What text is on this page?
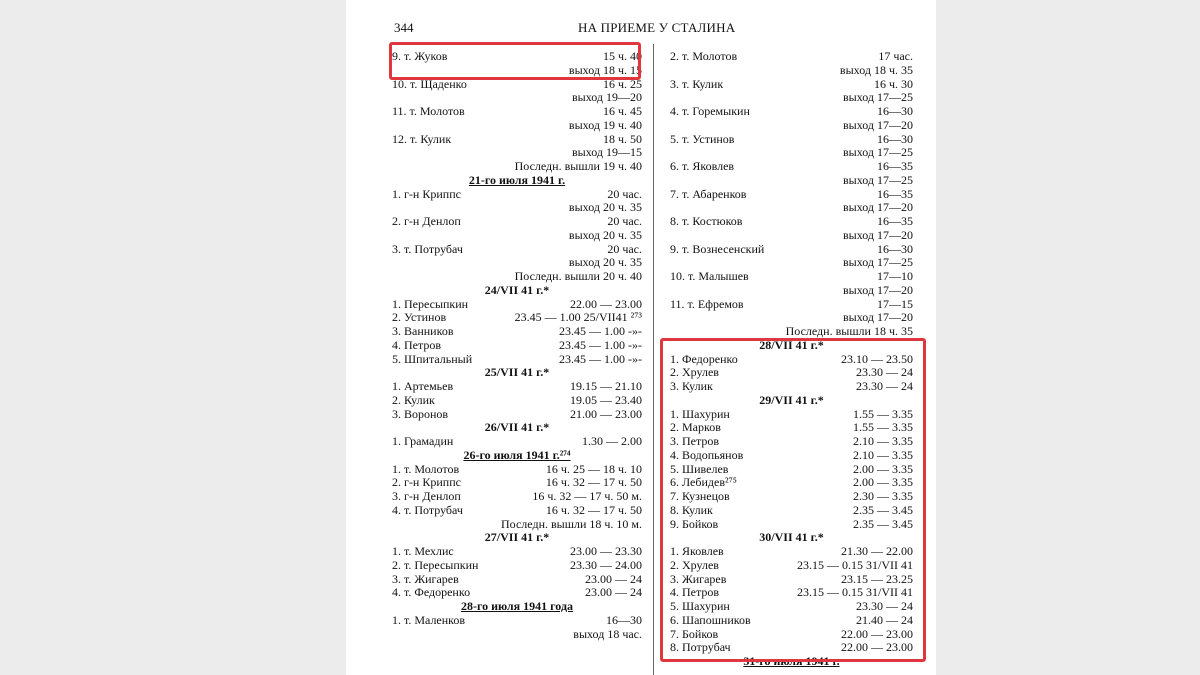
344	НА ПРИЕМЕ У СТАЛИНА
9. т. Жуков	15 ч. 40
выход 18 ч. 15
10. т. Щаденко	16 ч. 25
выход 19—20
11. т. Молотов	16 ч. 45
выход 19 ч. 40
12. т. Кулик	18 ч. 50
выход 19—15
Последн. вышли 19 ч. 40
21-го июля 1941 г.
1. г-н Криппс	20 час.
выход 20 ч. 35
2. г-н Денлоп	20 час.
выход 20 ч. 35
3. т. Потрубач	20 час.
выход 20 ч. 35
Последн. вышли 20 ч. 40
24/VII 41 г.*
1. Пересыпкин	22.00 — 23.00
2. Устинов	23.45 — 1.00 25/VII41 ²⁷³
3. Ванников	23.45 — 1.00 -»-
4. Петров	23.45 — 1.00 -»-
5. Шпитальный	23.45 — 1.00 -»-
25/VII 41 г.*
1. Артемьев	19.15 — 21.10
2. Кулик	19.05 — 23.40
3. Воронов	21.00 — 23.00
26/VII 41 г.*
1. Грамадин	1.30 — 2.00
26-го июля 1941 г.²⁷⁴
1. т. Молотов	16 ч. 25 — 18 ч. 10
2. г-н Криппс	16 ч. 32 — 17 ч. 50
3. г-н Денлоп	16 ч. 32 — 17 ч. 50 м.
4. т. Потрубач	16 ч. 32 — 17 ч. 50
Последн. вышли 18 ч. 10 м.
27/VII 41 г.*
1. т. Мехлис	23.00 — 23.30
2. т. Пересыпкин	23.30 — 24.00
3. т. Жигарев	23.00 — 24
4. т. Федоренко	23.00 — 24
28-го июля 1941 года
1. т. Маленков	16—30
выход 18 час.
2. т. Молотов	17 час.
выход 18 ч. 35
3. т. Кулик	16 ч. 30
выход 17—25
4. т. Горемыкин	16—30
выход 17—20
5. т. Устинов	16—30
выход 17—25
6. т. Яковлев	16—35
выход 17—25
7. т. Абаренков	16—35
выход 17—20
8. т. Костюков	16—35
выход 17—20
9. т. Вознесенский	16—30
выход 17—25
10. т. Малышев	17—10
выход 17—20
11. т. Ефремов	17—15
выход 17—20
Последн. вышли 18 ч. 35
28/VII 41 г.*
1. Федоренко	23.10 — 23.50
2. Хрулев	23.30 — 24
3. Кулик	23.30 — 24
29/VII 41 г.*
1. Шахурин	1.55 — 3.35
2. Марков	1.55 — 3.35
3. Петров	2.10 — 3.35
4. Водопьянов	2.10 — 3.35
5. Шивелев	2.00 — 3.35
6. Лебидев²⁷⁵	2.00 — 3.35
7. Кузнецов	2.30 — 3.35
8. Кулик	2.35 — 3.45
9. Бойков	2.35 — 3.45
30/VII 41 г.*
1. Яковлев	21.30 — 22.00
2. Хрулев	23.15 — 0.15 31/VII 41
3. Жигарев	23.15 — 23.25
4. Петров	23.15 — 0.15 31/VII 41
5. Шахурин	23.30 — 24
6. Шапошников	21.40 — 24
7. Бойков	22.00 — 23.00
8. Потрубач	22.00 — 23.00
31-го июля 1941 г.
